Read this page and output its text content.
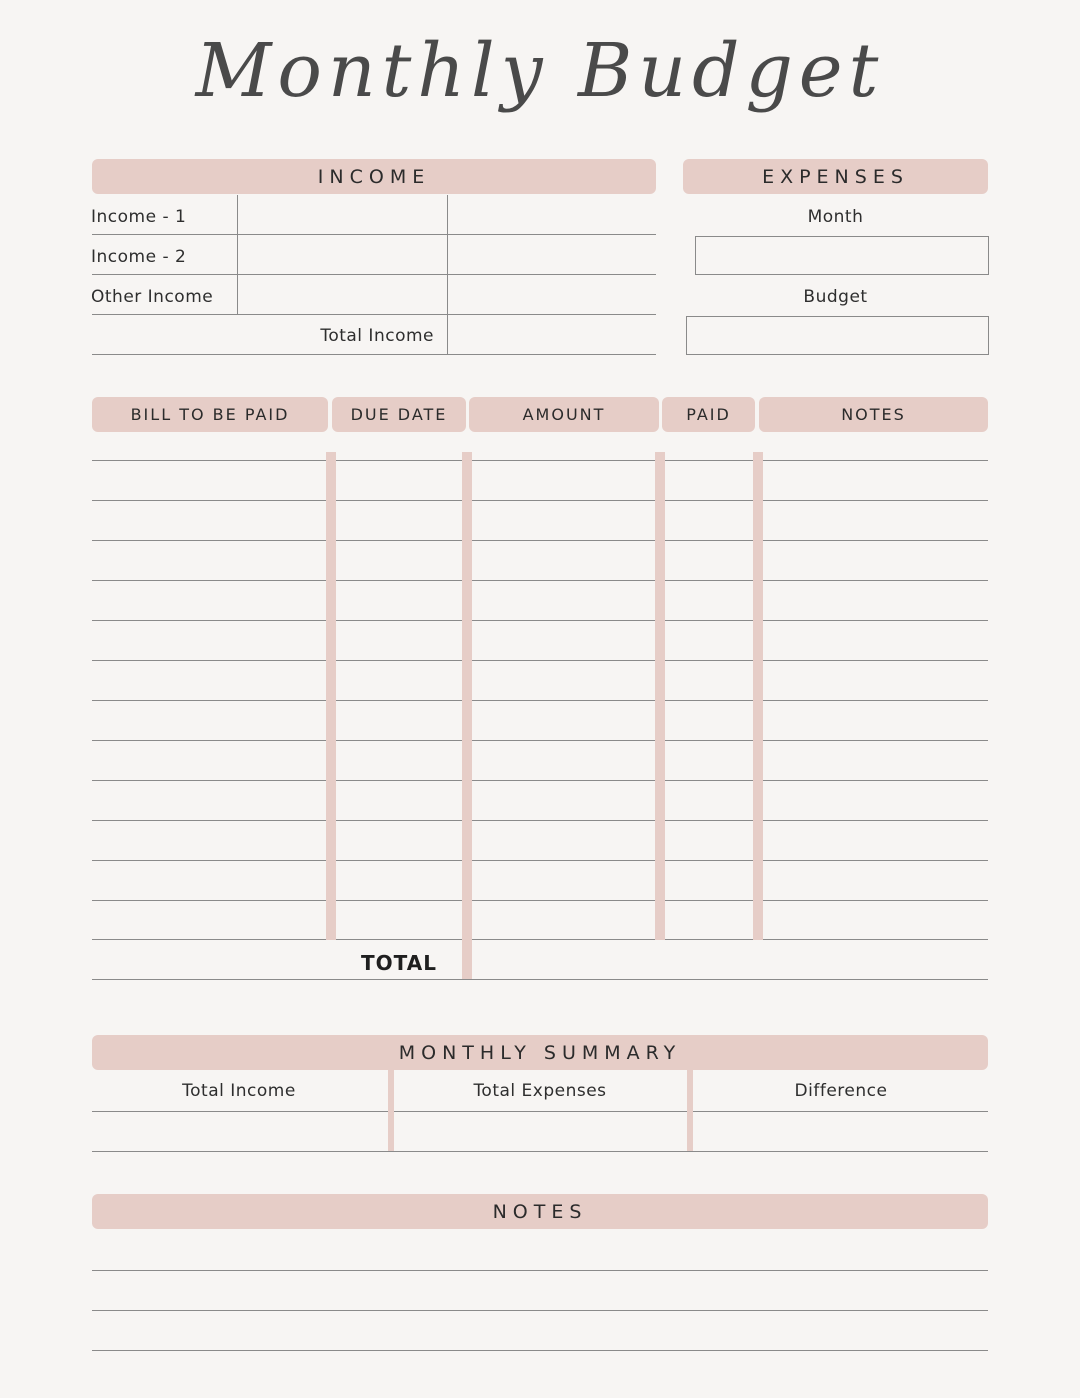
Monthly Budget
INCOME
Income - 1
Income - 2
Other Income
Total Income
EXPENSES
Month
Budget
BILL TO BE PAID	DUE DATE	AMOUNT	PAID	NOTES
TOTAL
MONTHLY SUMMARY
Total Income	Total Expenses	Difference
NOTES
